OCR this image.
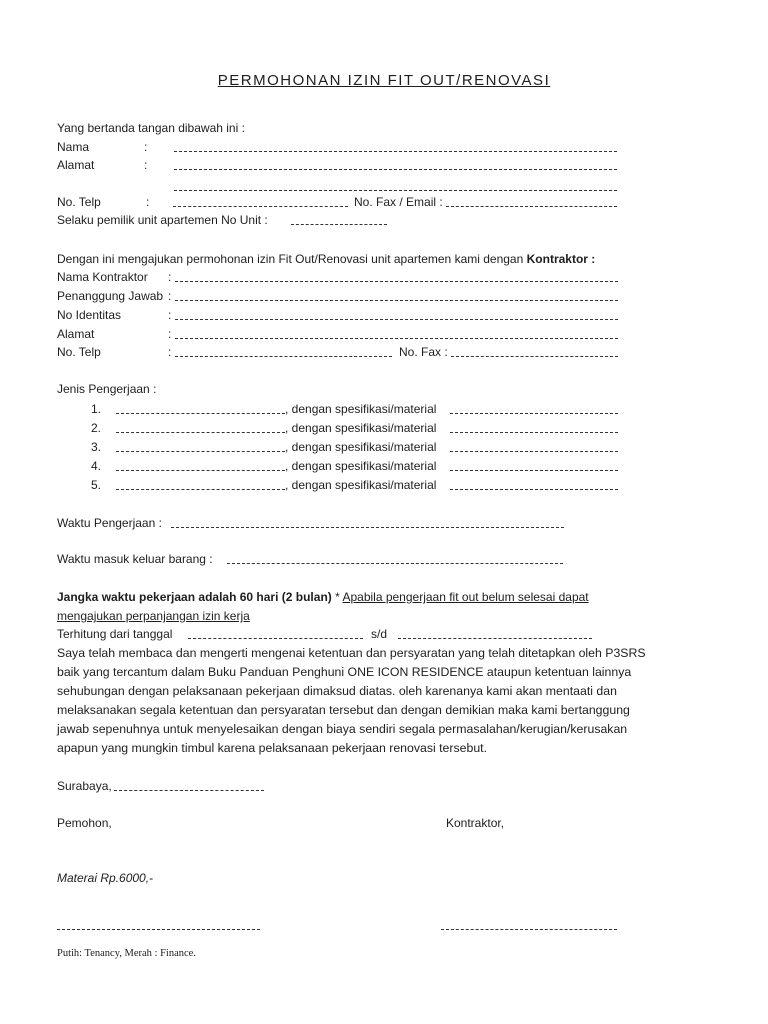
PERMOHONAN IZIN FIT OUT/RENOVASI
Yang bertanda tangan dibawah ini :
Nama	:
Alamat	:
No. Telp	:	No. Fax / Email :
Selaku pemilik unit apartemen No Unit :
Dengan ini mengajukan permohonan izin Fit Out/Renovasi unit apartemen kami dengan Kontraktor :
Nama Kontraktor :
Penanggung Jawab :
No Identitas	:
Alamat	:
No. Telp	:	No. Fax :
Jenis Pengerjaan :
1.	, dengan spesifikasi/material
2.	, dengan spesifikasi/material
3.	, dengan spesifikasi/material
4.	, dengan spesifikasi/material
5.	, dengan spesifikasi/material
Waktu Pengerjaan :
Waktu masuk keluar barang :
Jangka waktu pekerjaan adalah 60 hari (2 bulan) * Apabila pengerjaan fit out belum selesai dapat
mengajukan perpanjangan izin kerja
Terhitung dari tanggal	s/d
Saya telah membaca dan mengerti mengenai ketentuan dan persyaratan yang telah ditetapkan oleh P3SRS
baik yang tercantum dalam Buku Panduan Penghuni ONE ICON RESIDENCE ataupun ketentuan lainnya
sehubungan dengan pelaksanaan pekerjaan dimaksud diatas. oleh karenanya kami akan mentaati dan
melaksanakan segala ketentuan dan persyaratan tersebut dan dengan demikian maka kami bertanggung
jawab sepenuhnya untuk menyelesaikan dengan biaya sendiri segala permasalahan/kerugian/kerusakan
apapun yang mungkin timbul karena pelaksanaan pekerjaan renovasi tersebut.
Surabaya,
Pemohon,	Kontraktor,
Materai Rp.6000,-
Putih: Tenancy, Merah : Finance.
